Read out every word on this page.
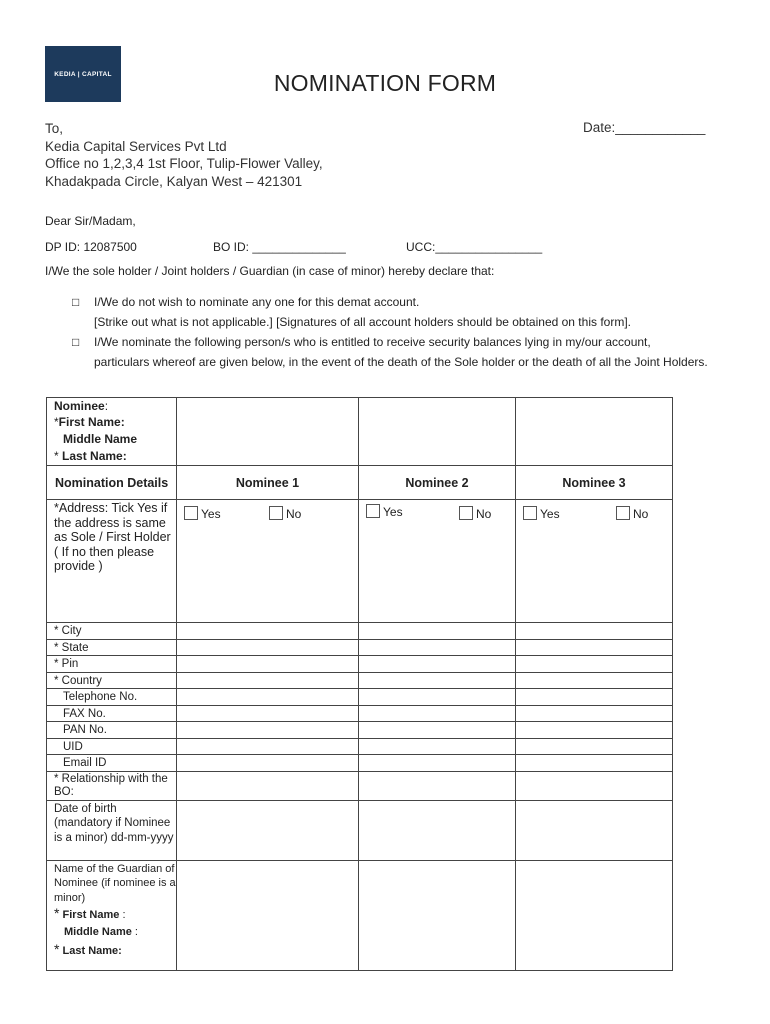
KEDIA | CAPITAL	NOMINATION FORM
To,
Kedia Capital Services Pvt Ltd
Office no 1,2,3,4 1st Floor, Tulip-Flower Valley,
Khadakpada Circle, Kalyan West – 421301
Date:____________
Dear Sir/Madam,
DP ID: 12087500	BO ID: ______________	UCC:________________
I/We the sole holder / Joint holders / Guardian (in case of minor) hereby declare that:
□ I/We do not wish to nominate any one for this demat account.
[Strike out what is not applicable.] [Signatures of all account holders should be obtained on this form].
□ I/We nominate the following person/s who is entitled to receive security balances lying in my/our account, particulars whereof are given below, in the event of the death of the Sole holder or the death of all the Joint Holders.
Nominee:
*First Name:
Middle Name
* Last Name:			

Nomination Details	Nominee 1	Nominee 2	Nominee 3
*Address: Tick Yes if the address is same as Sole / First Holder ( If no then please provide )	Yes No	Yes No	Yes No

* City			
* State			
* Pin			
* Country			
Telephone No.			
FAX No.			
PAN No.			
UID			
Email ID			
* Relationship with the BO:			
Date of birth (mandatory if Nominee is a minor) dd-mm-yyyy			

Name of the Guardian of Nominee (if nominee is a minor)
* First Name :
Middle Name :
* Last Name:			
